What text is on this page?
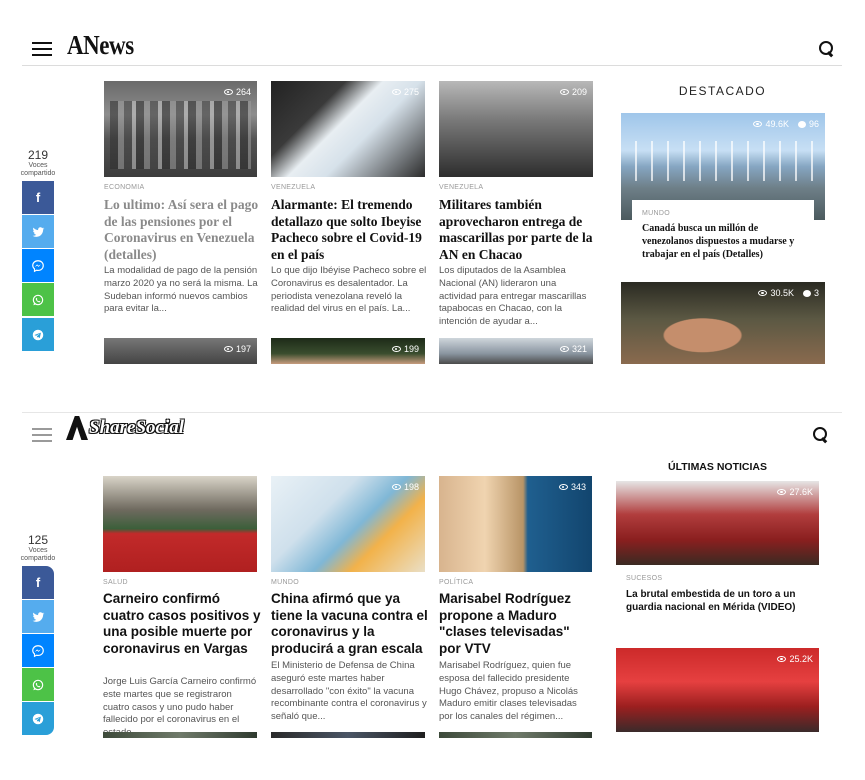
ANews
219
Voces
compartido
f
264
ECONOMIA
Lo ultimo: Así sera el pago de las pensiones por el Coronavirus en Venezuela (detalles)
La modalidad de pago de la pensión marzo 2020 ya no será la misma. La Sudeban informó nuevos cambios para evitar la...
275
VENEZUELA
Alarmante: El tremendo detallazo que solto Ibeyise Pacheco sobre el Covid-19 en el país
Lo que dijo Ibéyise Pacheco sobre el Coronavirus es desalentador. La periodista venezolana reveló la realidad del virus en el país. La...
209
VENEZUELA
Militares también aprovecharon entrega de mascarillas por parte de la AN en Chacao
Los diputados de la Asamblea Nacional (AN) lideraron una actividad para entregar mascarillas tapabocas en Chacao, con la intención de ayudar a...
197	199	321
DESTACADO
49.6K 96
MUNDO
Canadá busca un millón de venezolanos dispuestos a mudarse y trabajar en el país (Detalles)
30.5K 3
ShareSocial
125
Voces
compartido
f	SALUD
Carneiro confirmó cuatro casos positivos y una posible muerte por coronavirus en Vargas
Jorge Luis García Carneiro confirmó este martes que se registraron cuatro casos y uno pudo haber fallecido por el coronavirus en el
198
MUNDO
China afirmó que ya tiene la vacuna contra el coronavirus y la producirá a gran escala
El Ministerio de Defensa de China aseguró este martes haber desarrollado "con éxito" la vacuna recombinante contra el coronavirus y señaló que...
343
POLÍTICA
Marisabel Rodríguez propone a Maduro "clases televisadas" por VTV
Marisabel Rodríguez, quien fue esposa del fallecido presidente Hugo Chávez, propuso a Nicolás Maduro emitir clases televisadas por los canales del régimen...
ÚLTIMAS NOTICIAS
27.6K
SUCESOS
La brutal embestida de un toro a un guardia nacional en Mérida (VIDEO)
25.2K
